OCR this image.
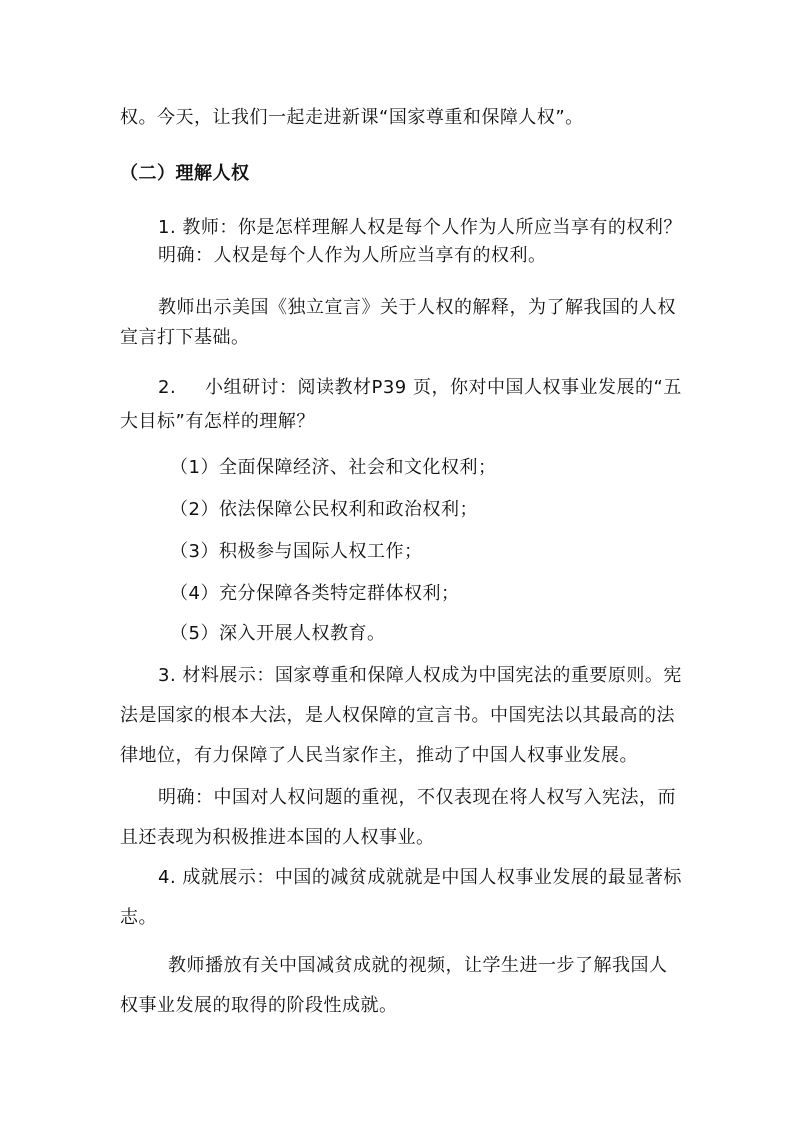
权。今天，让我们一起走进新课“国家尊重和保障人权”。
（二）理解人权
1. 教师：你是怎样理解人权是每个人作为人所应当享有的权利？
明确：人权是每个人作为人所应当享有的权利。
教师出示美国《独立宣言》关于人权的解释，为了解我国的人权
宣言打下基础。
2. 小组研讨：阅读教材P39 页，你对中国人权事业发展的“五
大目标”有怎样的理解？
（1）全面保障经济、社会和文化权利；
（2）依法保障公民权利和政治权利；
（3）积极参与国际人权工作；
（4）充分保障各类特定群体权利；
（5）深入开展人权教育。
3. 材料展示：国家尊重和保障人权成为中国宪法的重要原则。宪
法是国家的根本大法，是人权保障的宣言书。中国宪法以其最高的法
律地位，有力保障了人民当家作主，推动了中国人权事业发展。
明确：中国对人权问题的重视，不仅表现在将人权写入宪法，而
且还表现为积极推进本国的人权事业。
4. 成就展示：中国的减贫成就就是中国人权事业发展的最显著标
志。
教师播放有关中国减贫成就的视频，让学生进一步了解我国人
权事业发展的取得的阶段性成就。
